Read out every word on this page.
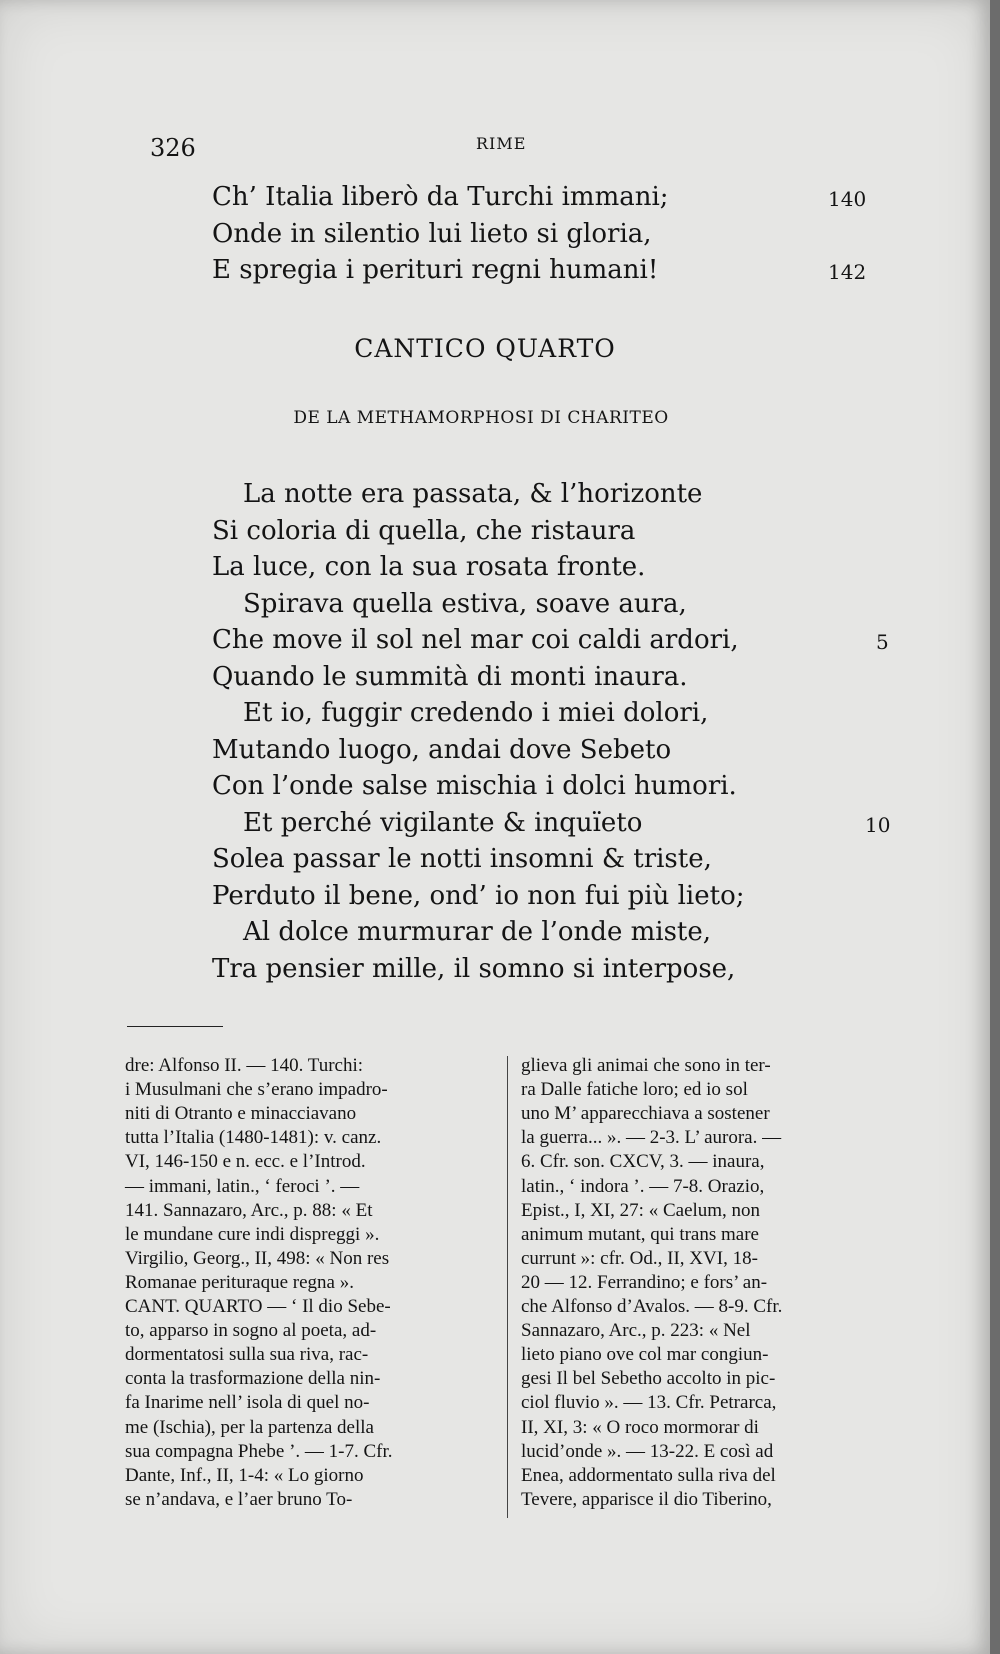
326	RIME
Ch’ Italia liberò da Turchi immani;	140
Onde in silentio lui lieto si gloria,
E spregia i perituri regni humani!	142
CANTICO QUARTO
DE LA METHAMORPHOSI DI CHARITEO
La notte era passata, & l’horizonte
Si coloria di quella, che ristaura
La luce, con la sua rosata fronte.
Spirava quella estiva, soave aura,
Che move il sol nel mar coi caldi ardori,	5
Quando le summità di monti inaura.
Et io, fuggir credendo i miei dolori,
Mutando luogo, andai dove Sebeto
Con l’onde salse mischia i dolci humori.
Et perché vigilante & inquïeto	10
Solea passar le notti insomni & triste,
Perduto il bene, ond’ io non fui più lieto;
Al dolce murmurar de l’onde miste,
Tra pensier mille, il somno si interpose,
dre: Alfonso II. — 140. Turchi:
i Musulmani che s’erano impadro-
niti di Otranto e minacciavano
tutta l’Italia (1480-1481): v. canz.
VI, 146-150 e n. ecc. e l’Introd.
— immani, latin., ‘ feroci ’. —
141. Sannazaro, Arc., p. 88: « Et
le mundane cure indi dispreggi ».
Virgilio, Georg., II, 498: « Non res
Romanae perituraque regna ».
CANT. QUARTO — ‘ Il dio Sebe-
to, apparso in sogno al poeta, ad-
dormentatosi sulla sua riva, rac-
conta la trasformazione della nin-
fa Inarime nell’ isola di quel no-
me (Ischia), per la partenza della
sua compagna Phebe ’. — 1-7. Cfr.
Dante, Inf., II, 1-4: « Lo giorno
se n’andava, e l’aer bruno To-
glieva gli animai che sono in ter-
ra Dalle fatiche loro; ed io sol
uno M’ apparecchiava a sostener
la guerra... ». — 2-3. L’ aurora. —
6. Cfr. son. CXCV, 3. — inaura,
latin., ‘ indora ’. — 7-8. Orazio,
Epist., I, XI, 27: « Caelum, non
animum mutant, qui trans mare
currunt »: cfr. Od., II, XVI, 18-
20 — 12. Ferrandino; e fors’ an-
che Alfonso d’Avalos. — 8-9. Cfr.
Sannazaro, Arc., p. 223: « Nel
lieto piano ove col mar congiun-
gesi Il bel Sebetho accolto in pic-
ciol fluvio ». — 13. Cfr. Petrarca,
II, XI, 3: « O roco mormorar di
lucid’onde ». — 13-22. E così ad
Enea, addormentato sulla riva del
Tevere, apparisce il dio Tiberino,
